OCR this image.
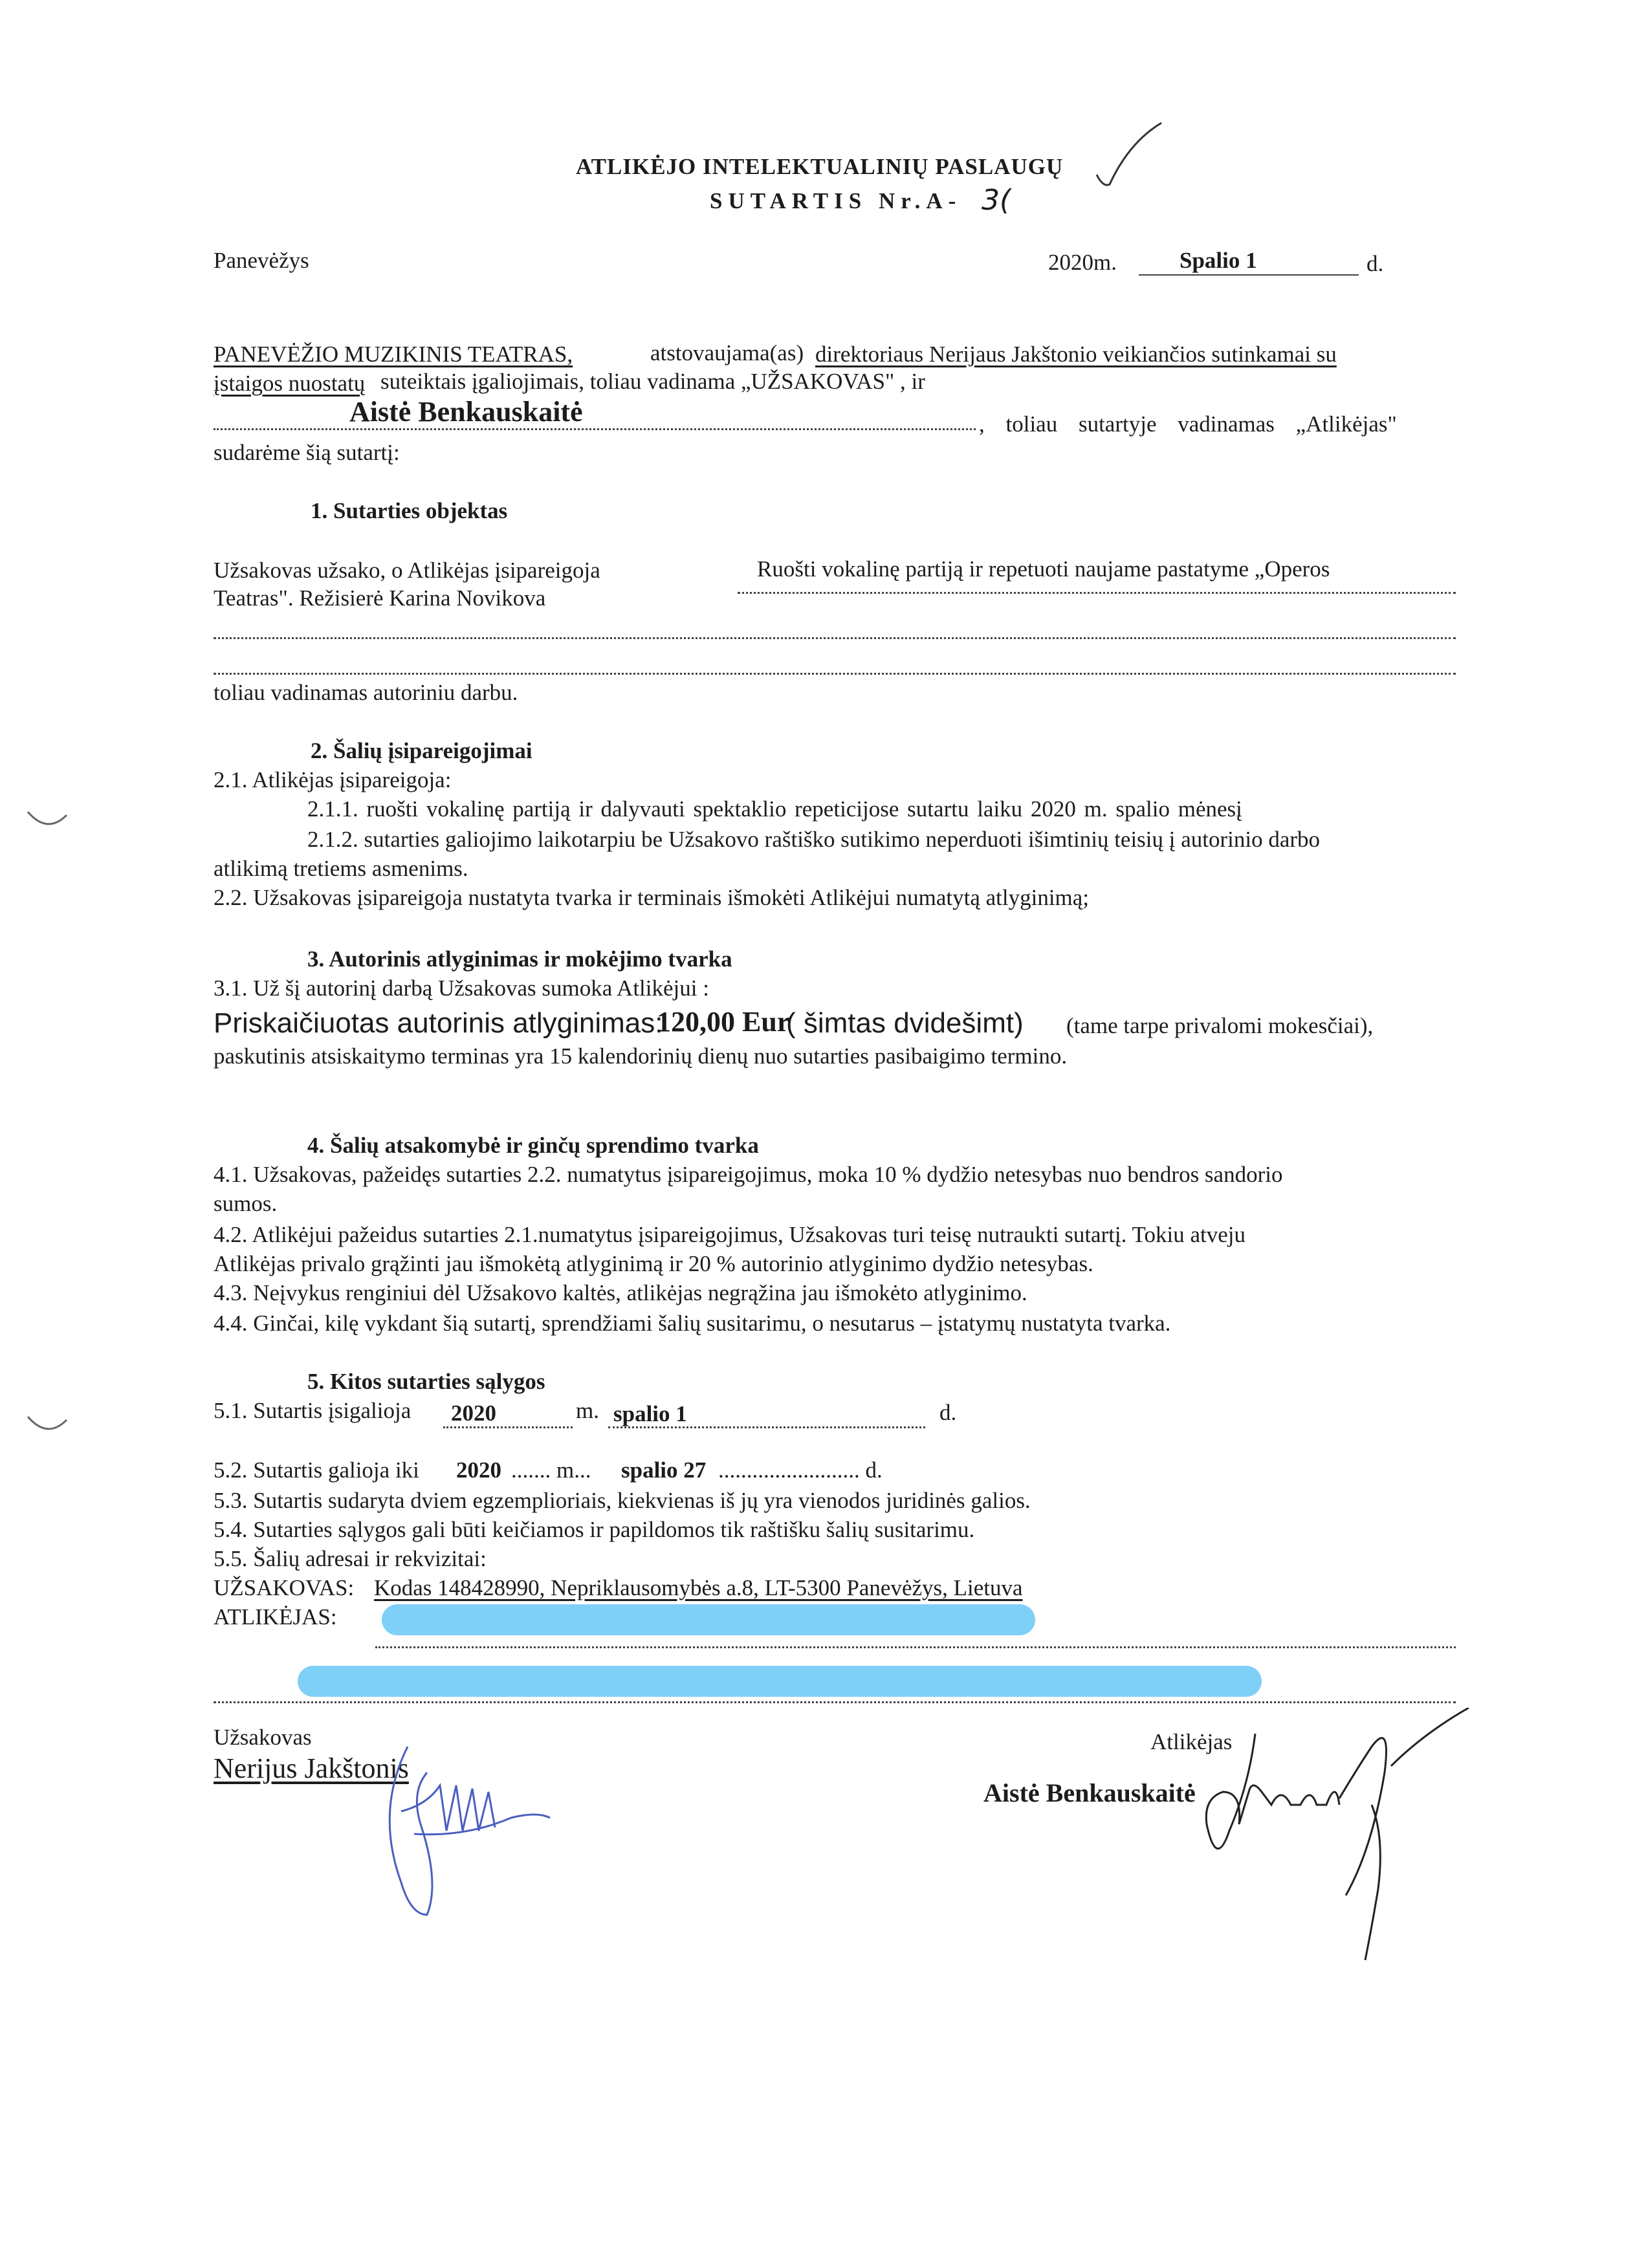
ATLIKĖJO INTELEKTUALINIŲ PASLAUGŲ
SUTARTIS Nr.A- 3(
Panevėžys	2020m.	Spalio 1	d.
PANEVĖŽIO MUZIKINIS TEATRAS,	atstovaujama(as) direktoriaus Nerijaus Jakštonio veikiančios sutinkamai su
įstaigos nuostatų suteiktais įgaliojimais, toliau vadinama „UŽSAKOVAS" , ir
Aistė Benkauskaitė	, toliau sutartyje vadinamas „Atlikėjas"
sudarėme šią sutartį:
1. Sutarties objektas
Užsakovas užsako, o Atlikėjas įsipareigoja	Ruošti vokalinę partiją ir repetuoti naujame pastatyme „Operos
Teatras". Režisierė Karina Novikova
toliau vadinamas autoriniu darbu.
2. Šalių įsipareigojimai
2.1. Atlikėjas įsipareigoja:
2.1.1. ruošti vokalinę partiją ir dalyvauti spektaklio repeticijose sutartu laiku 2020 m. spalio mėnesį
2.1.2. sutarties galiojimo laikotarpiu be Užsakovo raštiško sutikimo neperduoti išimtinių teisių į autorinio darbo
atlikimą tretiems asmenims.
2.2. Užsakovas įsipareigoja nustatyta tvarka ir terminais išmokėti Atlikėjui numatytą atlyginimą;
3. Autorinis atlyginimas ir mokėjimo tvarka
3.1. Už šį autorinį darbą Užsakovas sumoka Atlikėjui :
Priskaičiuotas autorinis atlyginimas:
120,00 Eur
( šimtas dvidešimt) (tame tarpe privalomi mokesčiai),
paskutinis atsiskaitymo terminas yra 15 kalendorinių dienų nuo sutarties pasibaigimo termino.
4. Šalių atsakomybė ir ginčų sprendimo tvarka
4.1. Užsakovas, pažeidęs sutarties 2.2. numatytus įsipareigojimus, moka 10 % dydžio netesybas nuo bendros sandorio
sumos.
4.2. Atlikėjui pažeidus sutarties 2.1.numatytus įsipareigojimus, Užsakovas turi teisę nutraukti sutartį. Tokiu atveju
Atlikėjas privalo grąžinti jau išmokėtą atlyginimą ir 20 % autorinio atlyginimo dydžio netesybas.
4.3. Neįvykus renginiui dėl Užsakovo kaltės, atlikėjas negrąžina jau išmokėto atlyginimo.
4.4. Ginčai, kilę vykdant šią sutartį, sprendžiami šalių susitarimu, o nesutarus – įstatymų nustatyta tvarka.
5. Kitos sutarties sąlygos
5.1. Sutartis įsigalioja 2020	m. spalio 1	d.
5.2. Sutartis galioja iki 2020 ....... m... spalio 27 ......................... d.
5.3. Sutartis sudaryta dviem egzemplioriais, kiekvienas iš jų yra vienodos juridinės galios.
5.4. Sutarties sąlygos gali būti keičiamos ir papildomos tik raštišku šalių susitarimu.
5.5. Šalių adresai ir rekvizitai:
UŽSAKOVAS: Kodas 148428990, Nepriklausomybės a.8, LT-5300 Panevėžys, Lietuva
ATLIKĖJAS:
Užsakovas
Nerijus Jakštonis
Atlikėjas
Aistė Benkauskaitė
